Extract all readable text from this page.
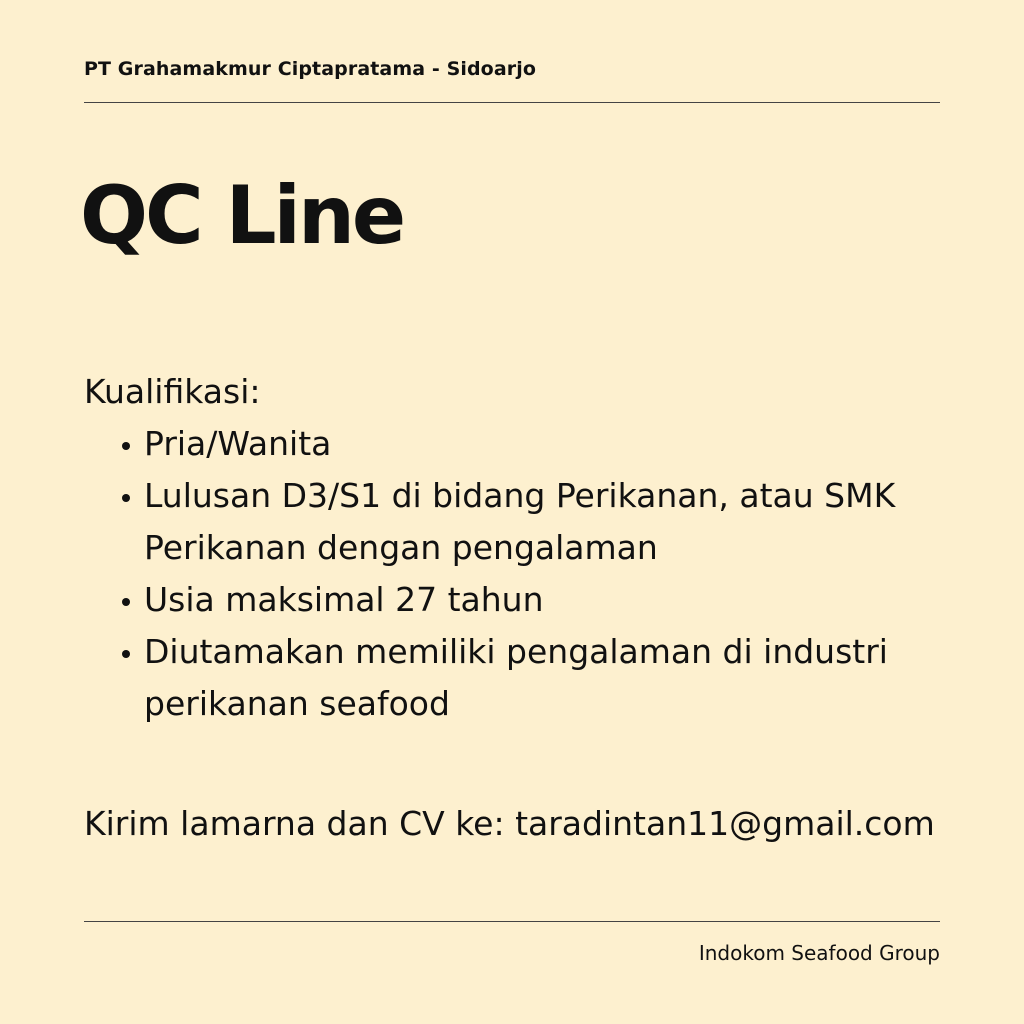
PT Grahamakmur Ciptapratama - Sidoarjo
QC Line
Kualifikasi:
Pria/Wanita
Lulusan D3/S1 di bidang Perikanan, atau SMK
Perikanan dengan pengalaman
Usia maksimal 27 tahun
Diutamakan memiliki pengalaman di industri
perikanan seafood
Kirim lamarna dan CV ke: taradintan11@gmail.com
Indokom Seafood Group
